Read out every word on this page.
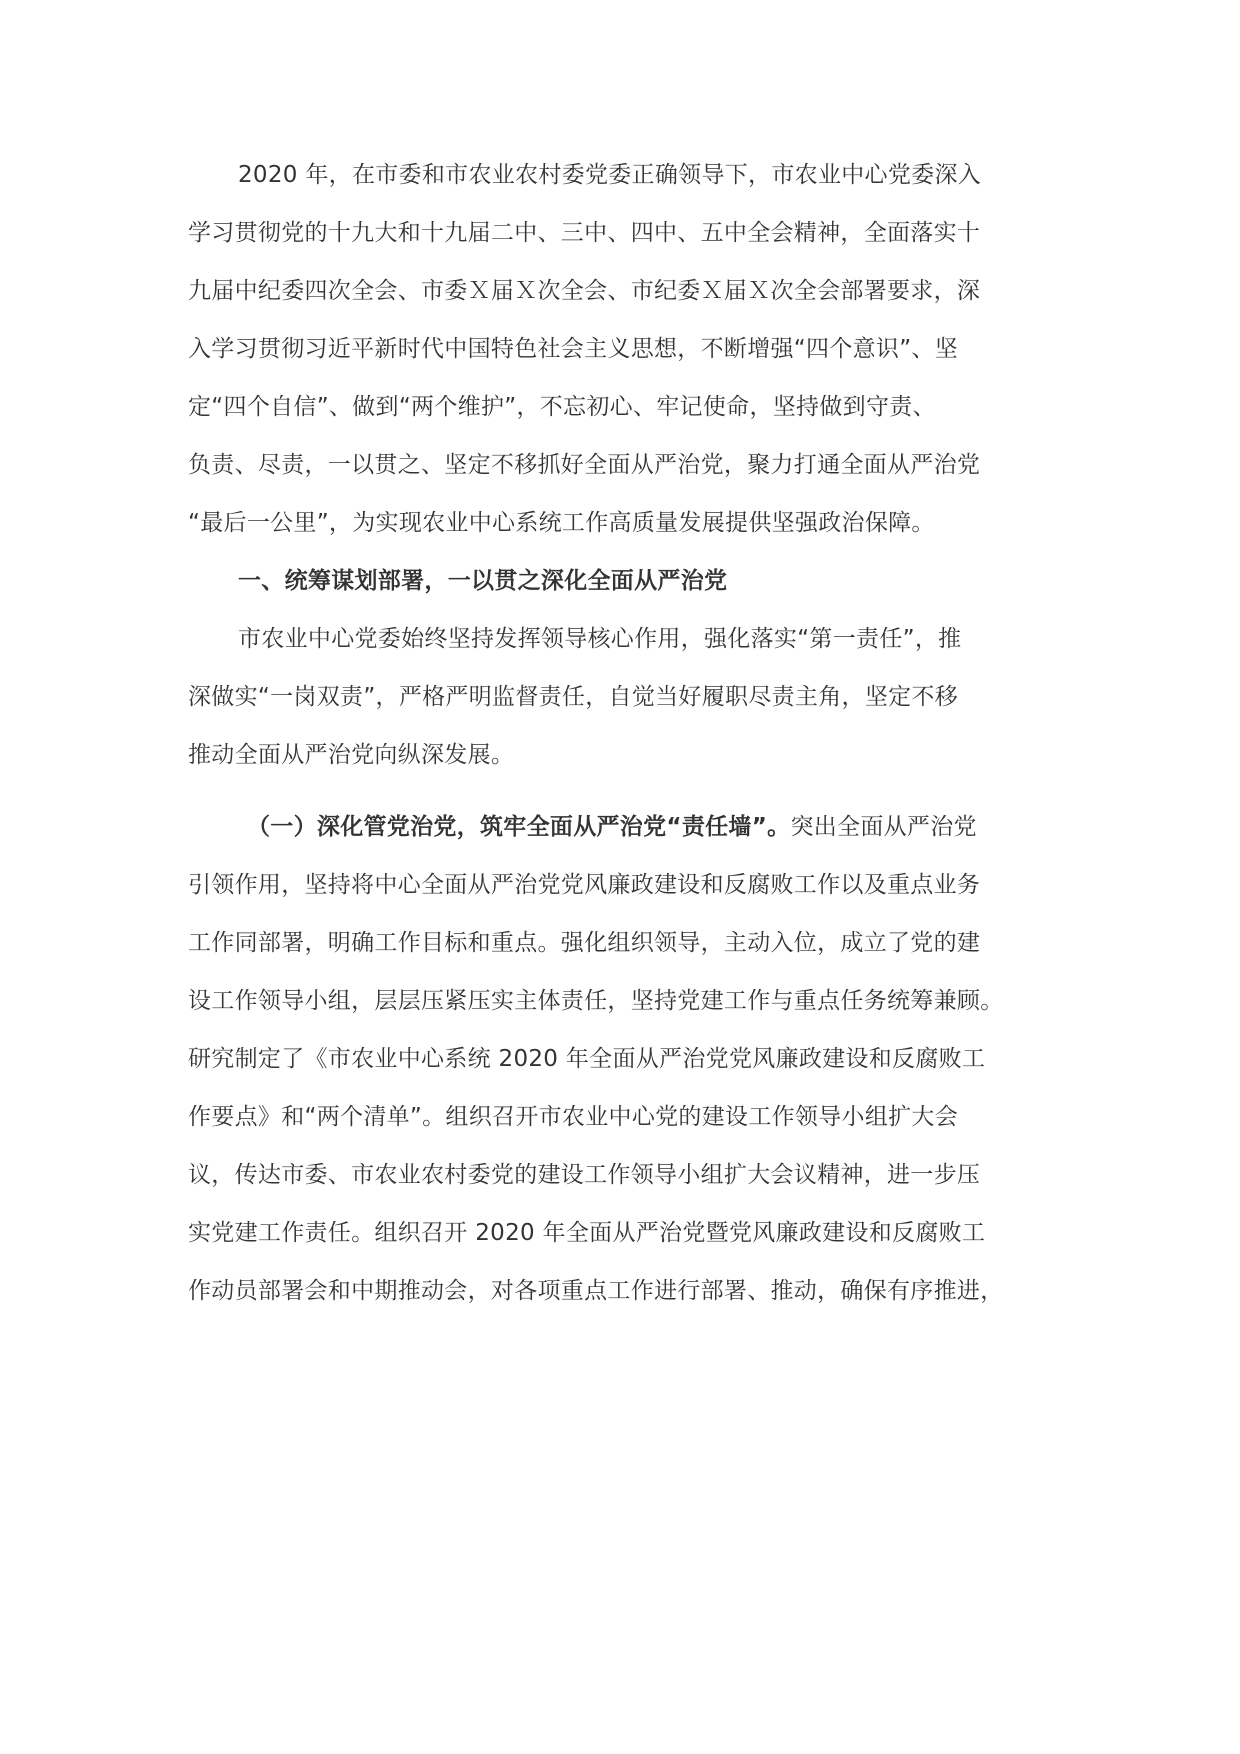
2020 年，在市委和市农业农村委党委正确领导下，市农业中心党委深入
学习贯彻党的十九大和十九届二中、三中、四中、五中全会精神，全面落实十
九届中纪委四次全会、市委Ｘ届Ｘ次全会、市纪委Ｘ届Ｘ次全会部署要求，深
入学习贯彻习近平新时代中国特色社会主义思想，不断增强“四个意识”、坚
定“四个自信”、做到“两个维护”，不忘初心、牢记使命，坚持做到守责、
负责、尽责，一以贯之、坚定不移抓好全面从严治党，聚力打通全面从严治党
“最后一公里”，为实现农业中心系统工作高质量发展提供坚强政治保障。
一、统筹谋划部署，一以贯之深化全面从严治党
市农业中心党委始终坚持发挥领导核心作用，强化落实“第一责任”，推
深做实“一岗双责”，严格严明监督责任，自觉当好履职尽责主角，坚定不移
推动全面从严治党向纵深发展。
（一）深化管党治党，筑牢全面从严治党“责任墙”。突出全面从严治党
引领作用，坚持将中心全面从严治党党风廉政建设和反腐败工作以及重点业务
工作同部署，明确工作目标和重点。强化组织领导，主动入位，成立了党的建
设工作领导小组，层层压紧压实主体责任，坚持党建工作与重点任务统筹兼顾。
研究制定了《市农业中心系统 2020 年全面从严治党党风廉政建设和反腐败工
作要点》和“两个清单”。组织召开市农业中心党的建设工作领导小组扩大会
议，传达市委、市农业农村委党的建设工作领导小组扩大会议精神，进一步压
实党建工作责任。组织召开 2020 年全面从严治党暨党风廉政建设和反腐败工
作动员部署会和中期推动会，对各项重点工作进行部署、推动，确保有序推进，
